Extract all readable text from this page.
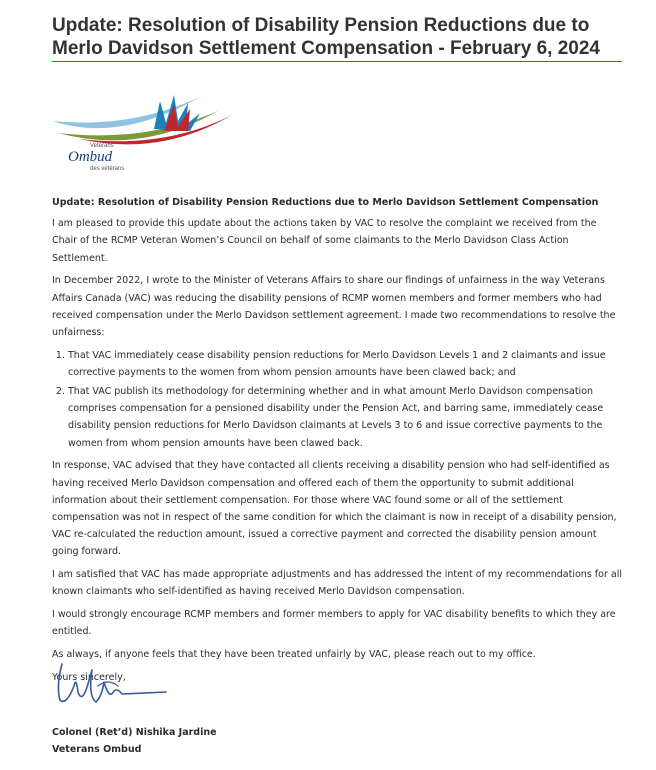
Update: Resolution of Disability Pension Reductions due to Merlo Davidson Settlement Compensation - February 6, 2024
Veterans
Ombud
des vétérans

Update: Resolution of Disability Pension Reductions due to Merlo Davidson Settlement Compensation

I am pleased to provide this update about the actions taken by VAC to resolve the complaint we received from the Chair of the RCMP Veteran Women’s Council on behalf of some claimants to the Merlo Davidson Class Action Settlement.

In December 2022, I wrote to the Minister of Veterans Affairs to share our findings of unfairness in the way Veterans Affairs Canada (VAC) was reducing the disability pensions of RCMP women members and former members who had received compensation under the Merlo Davidson settlement agreement. I made two recommendations to resolve the unfairness:

1. That VAC immediately cease disability pension reductions for Merlo Davidson Levels 1 and 2 claimants and issue corrective payments to the women from whom pension amounts have been clawed back; and
2. That VAC publish its methodology for determining whether and in what amount Merlo Davidson compensation comprises compensation for a pensioned disability under the Pension Act, and barring same, immediately cease disability pension reductions for Merlo Davidson claimants at Levels 3 to 6 and issue corrective payments to the women from whom pension amounts have been clawed back.

In response, VAC advised that they have contacted all clients receiving a disability pension who had self-identified as having received Merlo Davidson compensation and offered each of them the opportunity to submit additional information about their settlement compensation. For those where VAC found some or all of the settlement compensation was not in respect of the same condition for which the claimant is now in receipt of a disability pension, VAC re-calculated the reduction amount, issued a corrective payment and corrected the disability pension amount going forward.

I am satisfied that VAC has made appropriate adjustments and has addressed the intent of my recommendations for all known claimants who self-identified as having received Merlo Davidson compensation.

I would strongly encourage RCMP members and former members to apply for VAC disability benefits to which they are entitled.

As always, if anyone feels that they have been treated unfairly by VAC, please reach out to my office.

Yours sincerely,

Colonel (Ret’d) Nishika Jardine
Veterans Ombud
